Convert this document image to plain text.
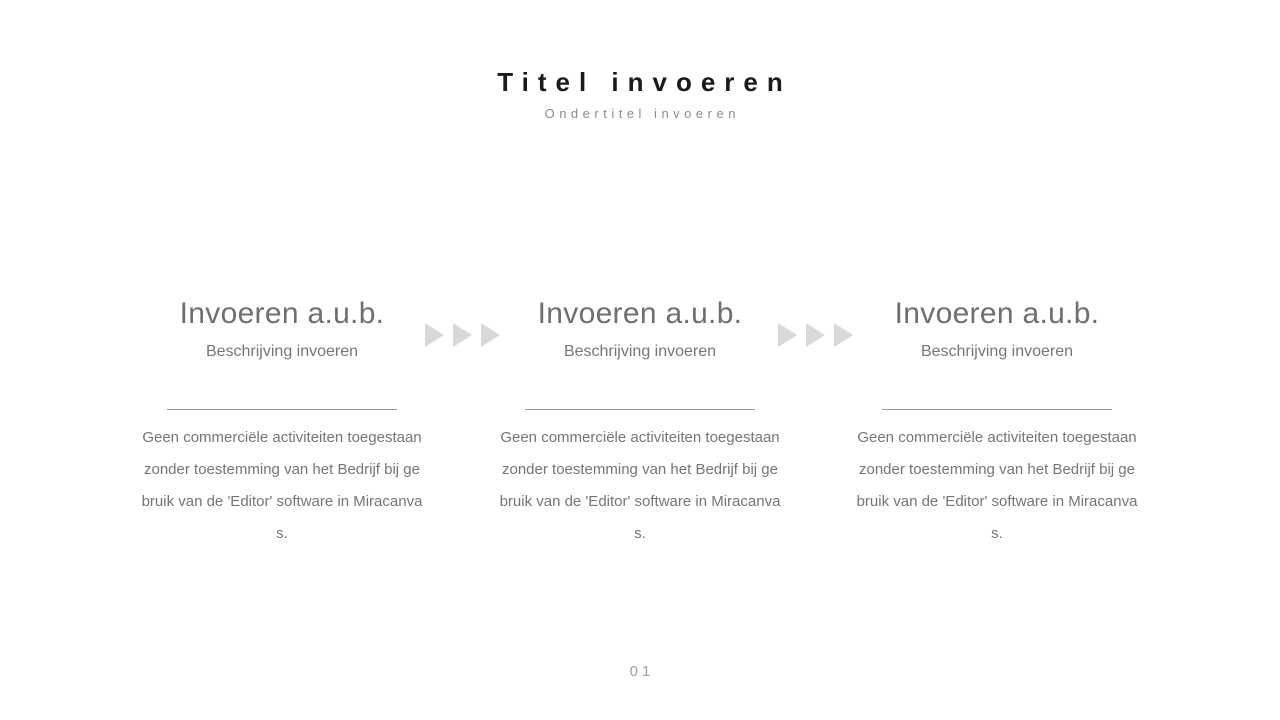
Titel invoeren
Ondertitel invoeren
Invoeren a.u.b.
Beschrijving invoeren
Geen commerciële activiteiten toegestaan
zonder toestemming van het Bedrijf bij ge
bruik van de 'Editor' software in Miracanva
s.
Invoeren a.u.b.
Beschrijving invoeren
Geen commerciële activiteiten toegestaan
zonder toestemming van het Bedrijf bij ge
bruik van de 'Editor' software in Miracanva
s.
Invoeren a.u.b.
Beschrijving invoeren
Geen commerciële activiteiten toegestaan
zonder toestemming van het Bedrijf bij ge
bruik van de 'Editor' software in Miracanva
s.
01
